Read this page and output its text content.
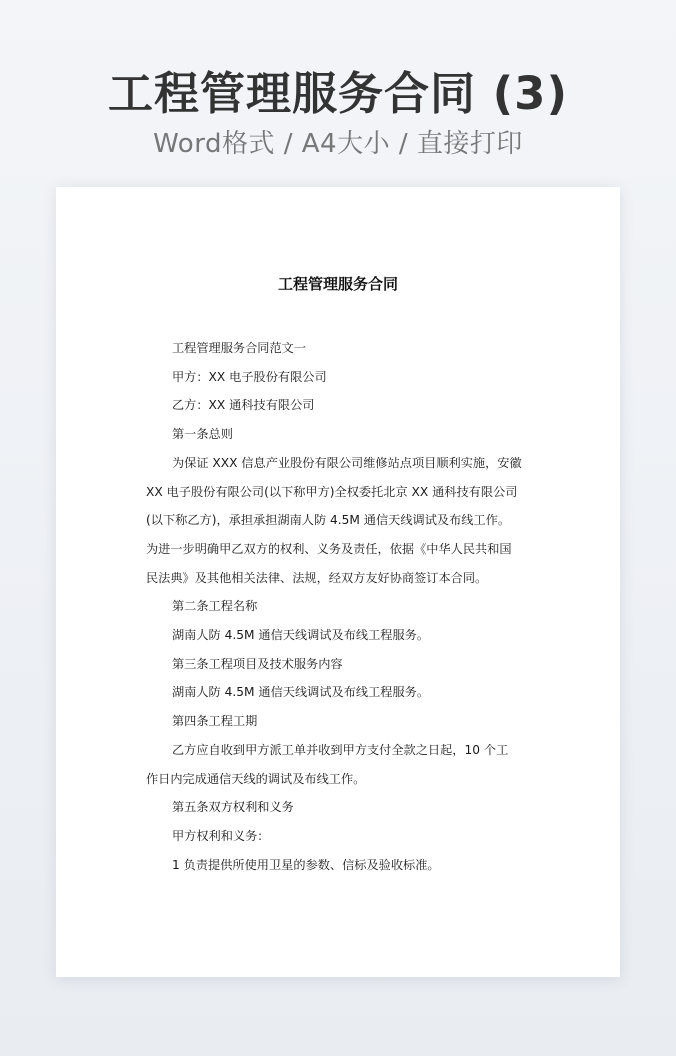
工程管理服务合同 (3)
Word格式 / A4大小 / 直接打印
工程管理服务合同

工程管理服务合同范文一

甲方：XX 电子股份有限公司

乙方：XX 通科技有限公司

第一条总则

为保证 XXX 信息产业股份有限公司维修站点项目顺利实施，安徽

XX 电子股份有限公司(以下称甲方)全权委托北京 XX 通科技有限公司

(以下称乙方)，承担承担湖南人防 4.5M 通信天线调试及布线工作。

为进一步明确甲乙双方的权利、义务及责任，依据《中华人民共和国

民法典》及其他相关法律、法规，经双方友好协商签订本合同。

第二条工程名称

湖南人防 4.5M 通信天线调试及布线工程服务。

第三条工程项目及技术服务内容

湖南人防 4.5M 通信天线调试及布线工程服务。

第四条工程工期

乙方应自收到甲方派工单并收到甲方支付全款之日起，10 个工

作日内完成通信天线的调试及布线工作。

第五条双方权利和义务

甲方权利和义务：

1 负责提供所使用卫星的参数、信标及验收标准。
